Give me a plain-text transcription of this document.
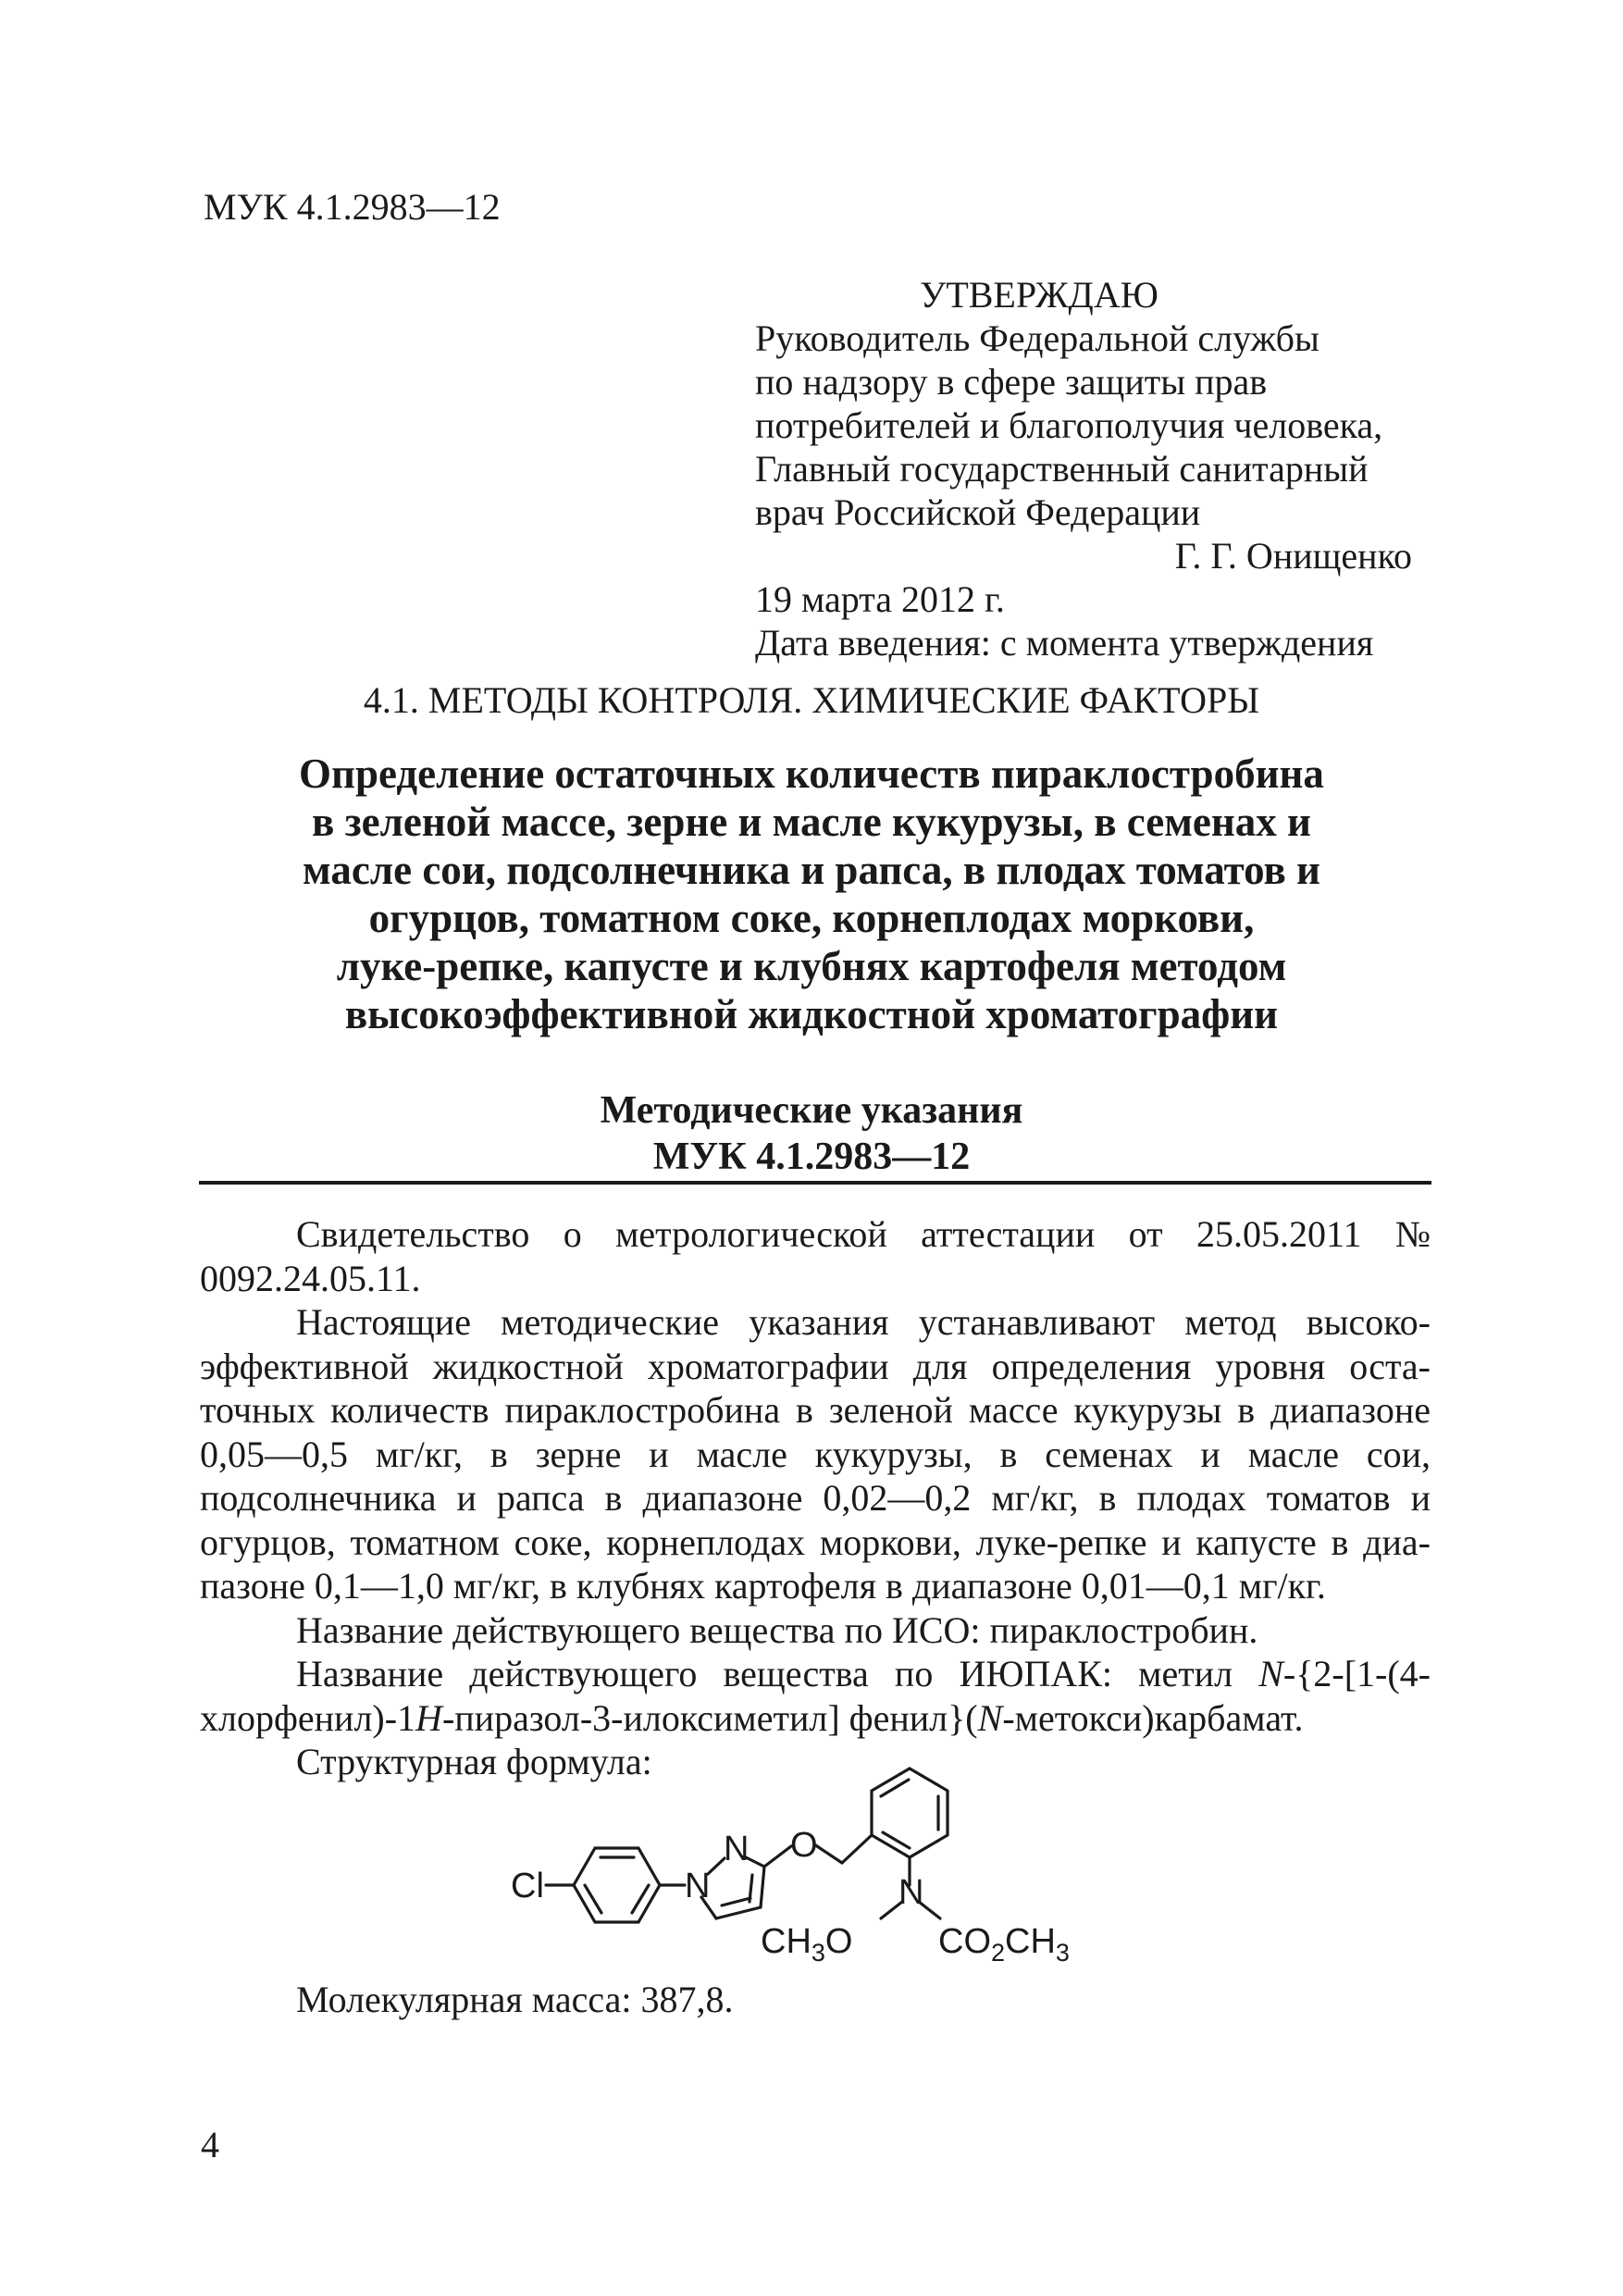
МУК 4.1.2983—12
УТВЕРЖДАЮ
Руководитель Федеральной службы
по надзору в сфере защиты прав
потребителей и благополучия человека,
Главный государственный санитарный
врач Российской Федерации
Г. Г. Онищенко
19 марта 2012 г.
Дата введения: с момента утверждения
4.1. МЕТОДЫ КОНТРОЛЯ. ХИМИЧЕСКИЕ ФАКТОРЫ
Определение остаточных количеств пираклостробина
в зеленой массе, зерне и масле кукурузы, в семенах и
масле сои, подсолнечника и рапса, в плодах томатов и
огурцов, томатном соке, корнеплодах моркови,
луке-репке, капусте и клубнях картофеля методом
высокоэффективной жидкостной хроматографии
Методические указания
МУК 4.1.2983—12

Свидетельство о метрологической аттестации от 25.05.2011 № 0092.24.05.11.

Настоящие методические указания устанавливают метод высокоэффективной жидкостной хроматографии для определения уровня остаточных количеств пираклостробина в зеленой массе кукурузы в диапазоне 0,05—0,5 мг/кг, в зерне и масле кукурузы, в семенах и масле сои, подсолнечника и рапса в диапазоне 0,02—0,2 мг/кг, в плодах томатов и огурцов, томатном соке, корнеплодах моркови, луке-репке и капусте в диапазоне 0,1—1,0 мг/кг, в клубнях картофеля в диапазоне 0,01—0,1 мг/кг.

Название действующего вещества по ИСО: пираклостробин.

Название действующего вещества по ИЮПАК: метил N-{2-[1-(4-хлорфенил)-1H-пиразол-3-илоксиметил] фенил}(N-метокси)карбамат.

Структурная формула:

Cl	N
N O
N
$CH_3O$ $CO_2CH_3$
Молекулярная масса: 387,8.
4
